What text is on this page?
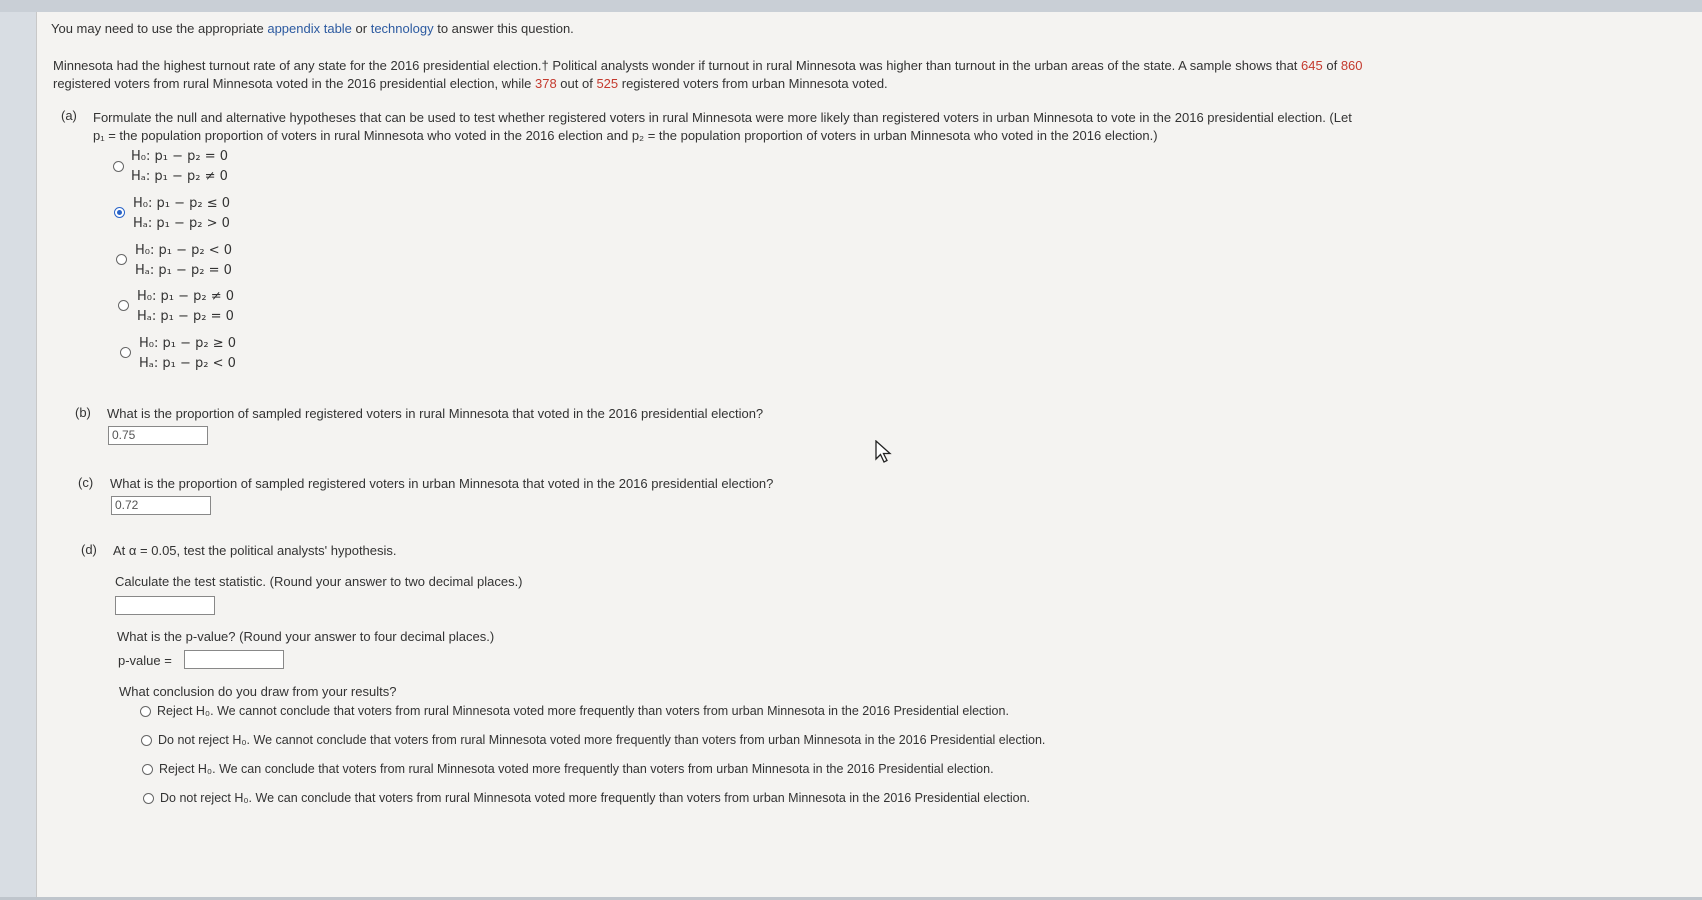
You may need to use the appropriate appendix table or technology to answer this question.
Minnesota had the highest turnout rate of any state for the 2016 presidential election.† Political analysts wonder if turnout in rural Minnesota was higher than turnout in the urban areas of the state. A sample shows that 645 of 860
registered voters from rural Minnesota voted in the 2016 presidential election, while 378 out of 525 registered voters from urban Minnesota voted.
(a) Formulate the null and alternative hypotheses that can be used to test whether registered voters in rural Minnesota were more likely than registered voters in urban Minnesota to vote in the 2016 presidential election. (Let
p₁ = the population proportion of voters in rural Minnesota who voted in the 2016 election and p₂ = the population proportion of voters in urban Minnesota who voted in the 2016 election.)
H₀: p₁ − p₂ = 0
Hₐ: p₁ − p₂ ≠ 0
H₀: p₁ − p₂ ≤ 0
Hₐ: p₁ − p₂ > 0
H₀: p₁ − p₂ < 0
Hₐ: p₁ − p₂ = 0
H₀: p₁ − p₂ ≠ 0
Hₐ: p₁ − p₂ = 0
H₀: p₁ − p₂ ≥ 0
Hₐ: p₁ − p₂ < 0
(b) What is the proportion of sampled registered voters in rural Minnesota that voted in the 2016 presidential election?
0.75
(c) What is the proportion of sampled registered voters in urban Minnesota that voted in the 2016 presidential election?
0.72
(d) At α = 0.05, test the political analysts' hypothesis.
Calculate the test statistic. (Round your answer to two decimal places.)
What is the p-value? (Round your answer to four decimal places.)
p-value =
What conclusion do you draw from your results?
Reject H₀. We cannot conclude that voters from rural Minnesota voted more frequently than voters from urban Minnesota in the 2016 Presidential election.
Do not reject H₀. We cannot conclude that voters from rural Minnesota voted more frequently than voters from urban Minnesota in the 2016 Presidential election.
Reject H₀. We can conclude that voters from rural Minnesota voted more frequently than voters from urban Minnesota in the 2016 Presidential election.
Do not reject H₀. We can conclude that voters from rural Minnesota voted more frequently than voters from urban Minnesota in the 2016 Presidential election.
